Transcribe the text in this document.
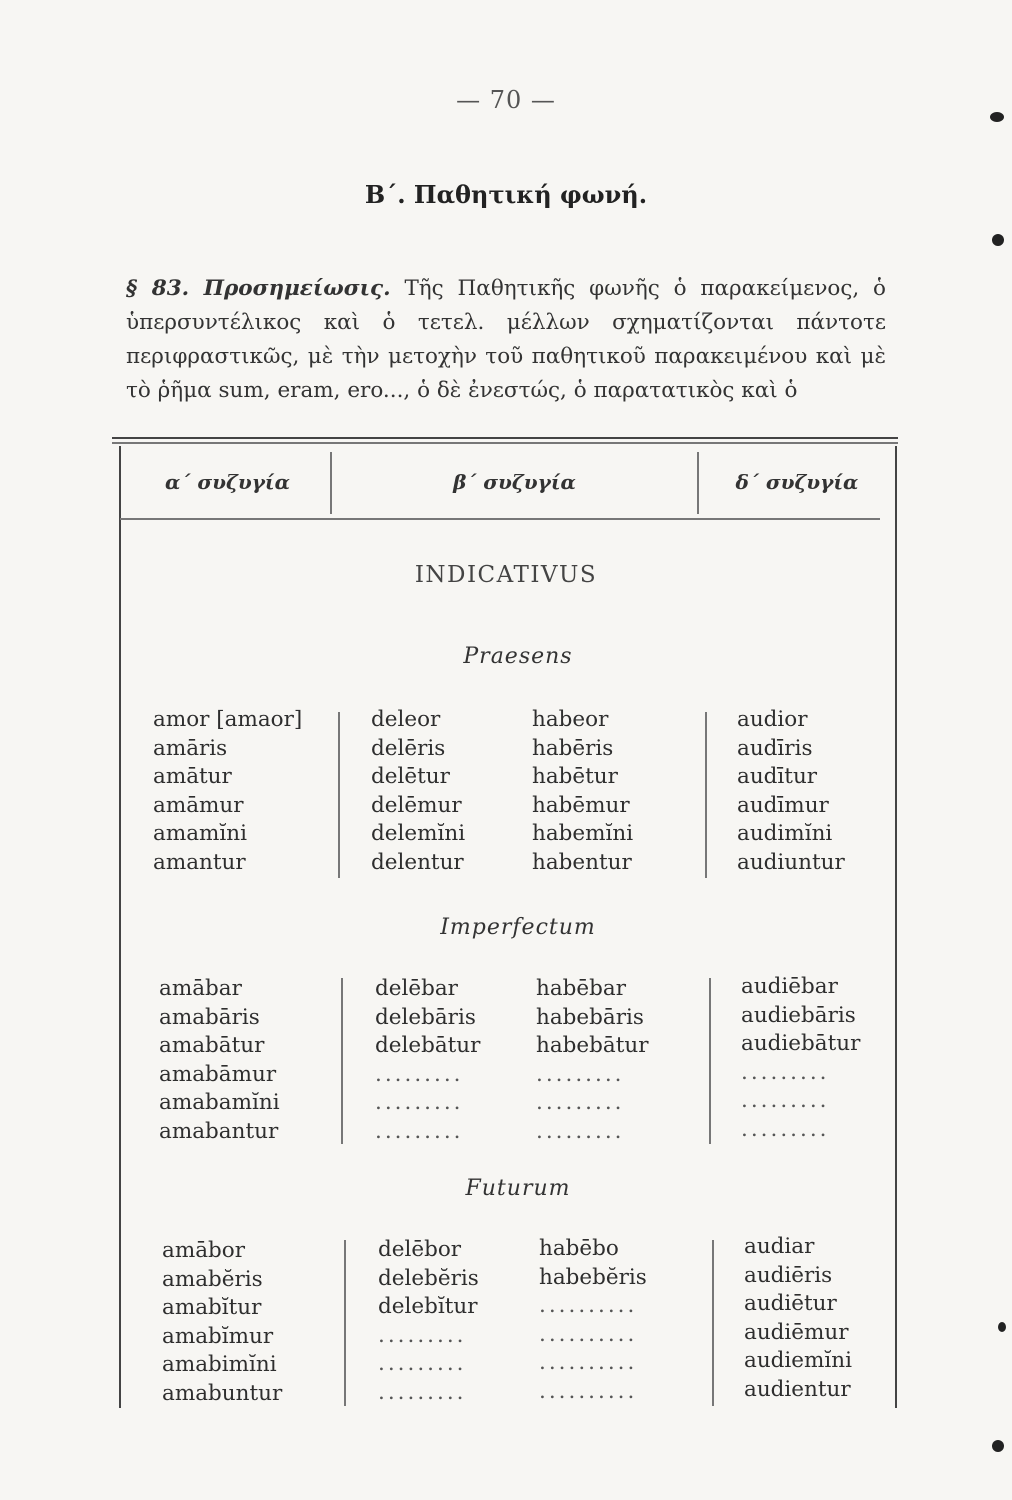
— 70 —
Β΄. Παθητική φωνή.
§ 83. Προσημείωσις. Τῆς Παθητικῆς φωνῆς ὁ παρακείμενος, ὁ ὑπερσυντέλικος καὶ ὁ τετελ. μέλλων σχηματίζονται πάντοτε περιφραστικῶς, μὲ τὴν μετοχὴν τοῦ παθητικοῦ παρακειμένου καὶ μὲ τὸ ῥῆμα sum, eram, ero..., ὁ δὲ ἐνεστώς, ὁ παρατατικὸς καὶ ὁ
α΄ συζυγία	β΄ συζυγία	δ΄ συζυγία
INDICATIVUS
Praesens
amor [amaor]
amāris
amātur
amāmur
amamĭni
amantur
deleor
delēris
delētur
delēmur
delemĭni
delentur
habeor
habēris
habētur
habēmur
habemĭni
habentur
audior
audīris
audītur
audīmur
audimĭni
audiuntur
Imperfectum
amābar
amabāris
amabātur
amabāmur
amabamĭni
amabantur
delēbar
delebāris
delebātur
.........
.........
.........
habēbar
habebāris
habebātur
.........
.........
.........
audiēbar
audiebāris
audiebātur
.........
.........
.........
Futurum
amābor
amabĕris
amabĭtur
amabĭmur
amabimĭni
amabuntur
delēbor
delebĕris
delebĭtur
.........
.........
.........
habēbo
habebĕris
..........
..........
..........
..........
audiar
audiēris
audiētur
audiēmur
audiemĭni
audientur
